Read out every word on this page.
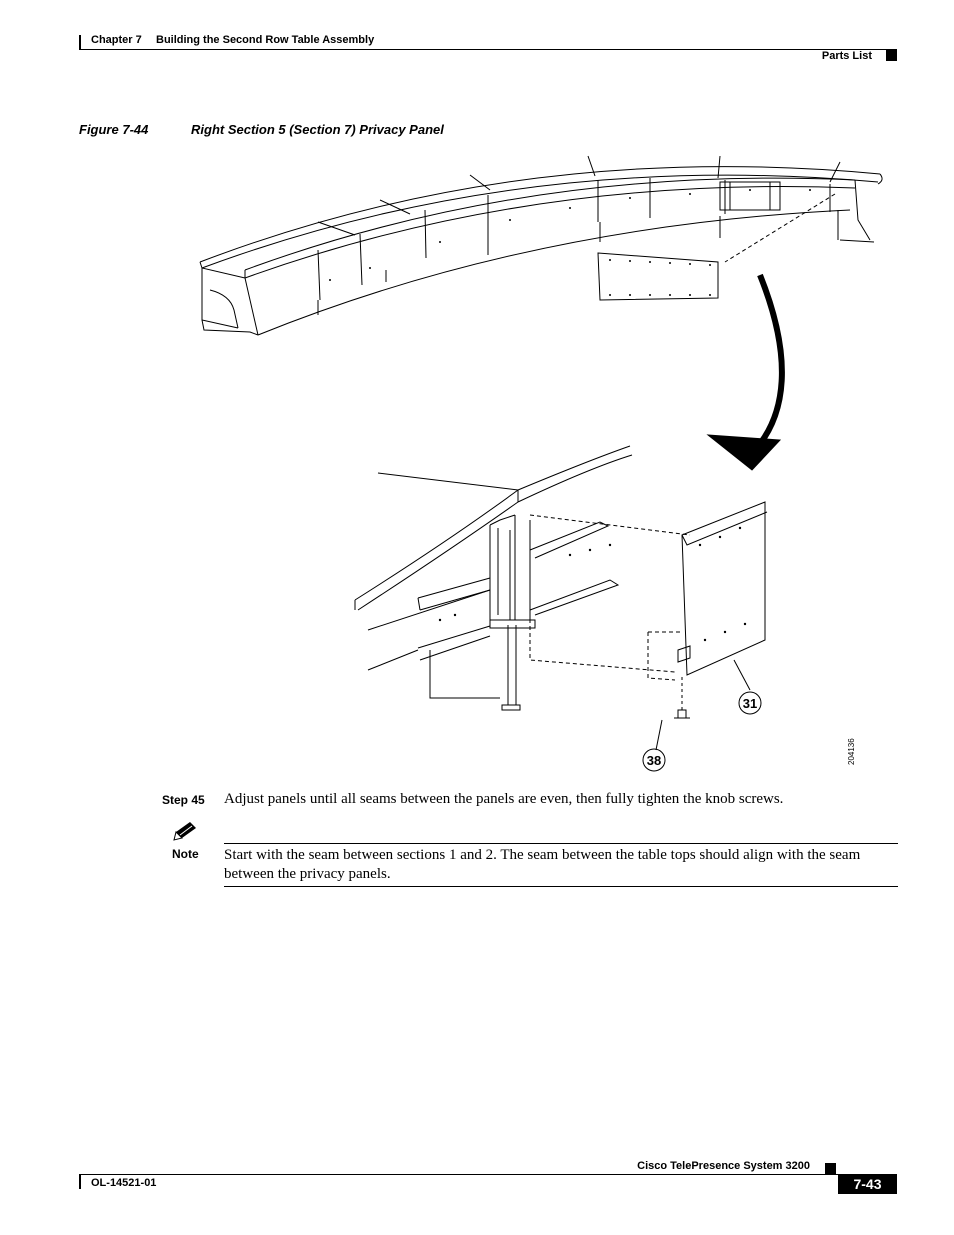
Chapter 7 Building the Second Row Table Assembly
Parts List
Figure 7-44	Right Section 5 (Section 7) Privacy Panel
31
38	204136
Step 45 Adjust panels until all seams between the panels are even, then fully tighten the knob screws.
Note Start with the seam between sections 1 and 2. The seam between the table tops should align with the seam between the privacy panels.
Cisco TelePresence System 3200
OL-14521-01	7-43
